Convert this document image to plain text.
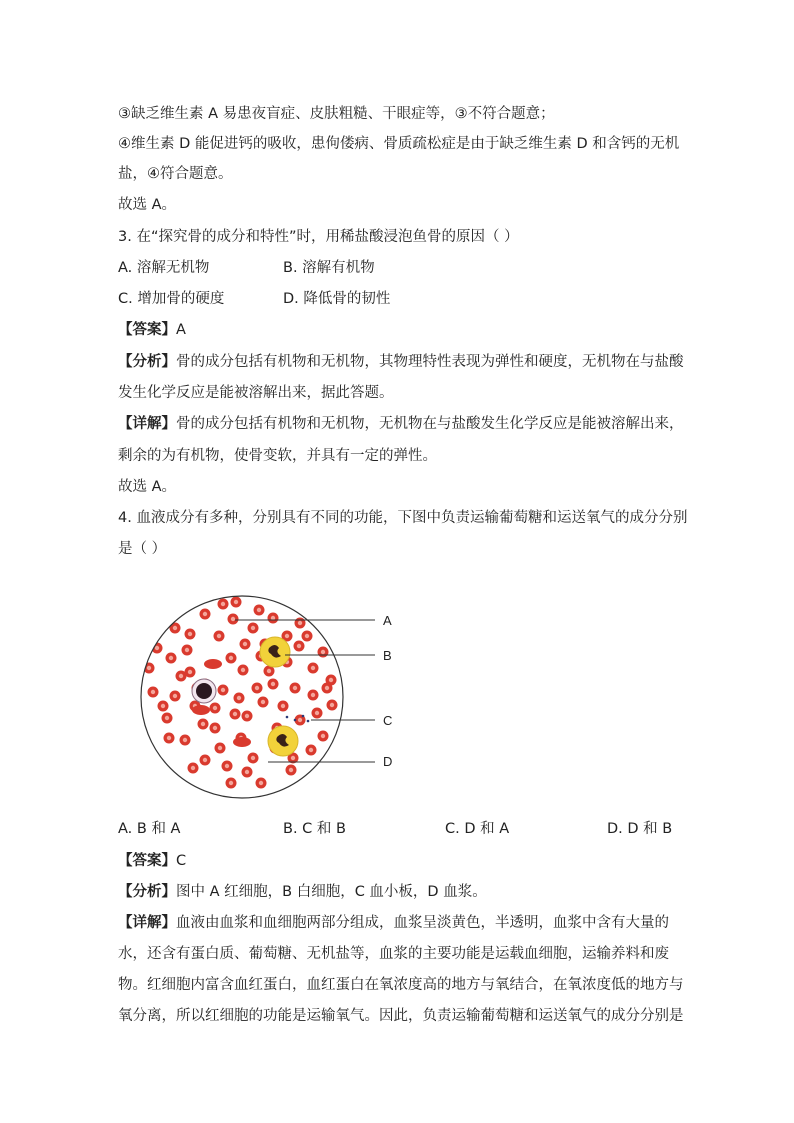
③缺乏维生素 A 易患夜盲症、皮肤粗糙、干眼症等，③不符合题意；
④维生素 D 能促进钙的吸收，患佝偻病、骨质疏松症是由于缺乏维生素 D 和含钙的无机
盐，④符合题意。
故选 A。
3. 在“探究骨的成分和特性”时，用稀盐酸浸泡鱼骨的原因（ ）
A. 溶解无机物	B. 溶解有机物
C. 增加骨的硬度	D. 降低骨的韧性
【答案】A
【分析】骨的成分包括有机物和无机物，其物理特性表现为弹性和硬度，无机物在与盐酸
发生化学反应是能被溶解出来，据此答题。
【详解】骨的成分包括有机物和无机物，无机物在与盐酸发生化学反应是能被溶解出来，
剩余的为有机物，使骨变软，并具有一定的弹性。
故选 A。
4. 血液成分有多种，分别具有不同的功能，下图中负责运输葡萄糖和运送氧气的成分分别
是（ ）
A
B
C
D
A. B 和 A	B. C 和 B	C. D 和 A	D. D 和 B
【答案】C
【分析】图中 A 红细胞，B 白细胞，C 血小板，D 血浆。
【详解】血液由血浆和血细胞两部分组成，血浆呈淡黄色，半透明，血浆中含有大量的
水，还含有蛋白质、葡萄糖、无机盐等，血浆的主要功能是运载血细胞，运输养料和废
物。红细胞内富含血红蛋白，血红蛋白在氧浓度高的地方与氧结合，在氧浓度低的地方与
氧分离，所以红细胞的功能是运输氧气。因此，负责运输葡萄糖和运送氧气的成分分别是
